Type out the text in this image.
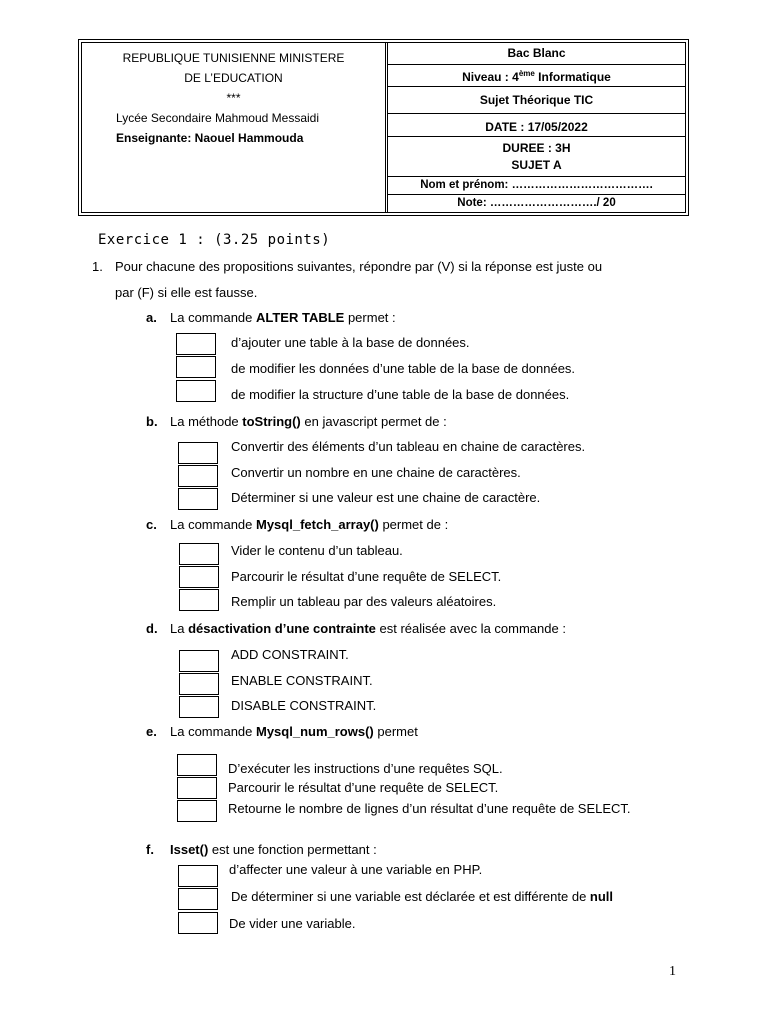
REPUBLIQUE TUNISIENNE MINISTERE
DE L’EDUCATION
***
Lycée Secondaire Mahmoud Messaidi
Enseignante: Naouel Hammouda
Bac Blanc
Niveau : 4ème Informatique
Sujet Théorique TIC
DATE : 17/05/2022
DUREE : 3H
SUJET A
Nom et prénom: ……………………………….
Note: ………………………./ 20
Exercice 1 : (3.25 points)
1. Pour chacune des propositions suivantes, répondre par (V) si la réponse est juste ou
par (F) si elle est fausse.
a. La commande ALTER TABLE permet :
d’ajouter une table à la base de données.
de modifier les données d’une table de la base de données.
de modifier la structure d’une table de la base de données.
b. La méthode toString() en javascript permet de :
Convertir des éléments d’un tableau en chaine de caractères.
Convertir un nombre en une chaine de caractères.
Déterminer si une valeur est une chaine de caractère.
c. La commande Mysql_fetch_array() permet de :
Vider le contenu d’un tableau.
Parcourir le résultat d’une requête de SELECT.
Remplir un tableau par des valeurs aléatoires.
d. La désactivation d’une contrainte est réalisée avec la commande :
ADD CONSTRAINT.
ENABLE CONSTRAINT.
DISABLE CONSTRAINT.
e. La commande Mysql_num_rows() permet
D’exécuter les instructions d’une requêtes SQL.
Parcourir le résultat d’une requête de SELECT.
Retourne le nombre de lignes d’un résultat d’une requête de SELECT.
f. Isset() est une fonction permettant :
d’affecter une valeur à une variable en PHP.
De déterminer si une variable est déclarée et est différente de null
De vider une variable.
1
